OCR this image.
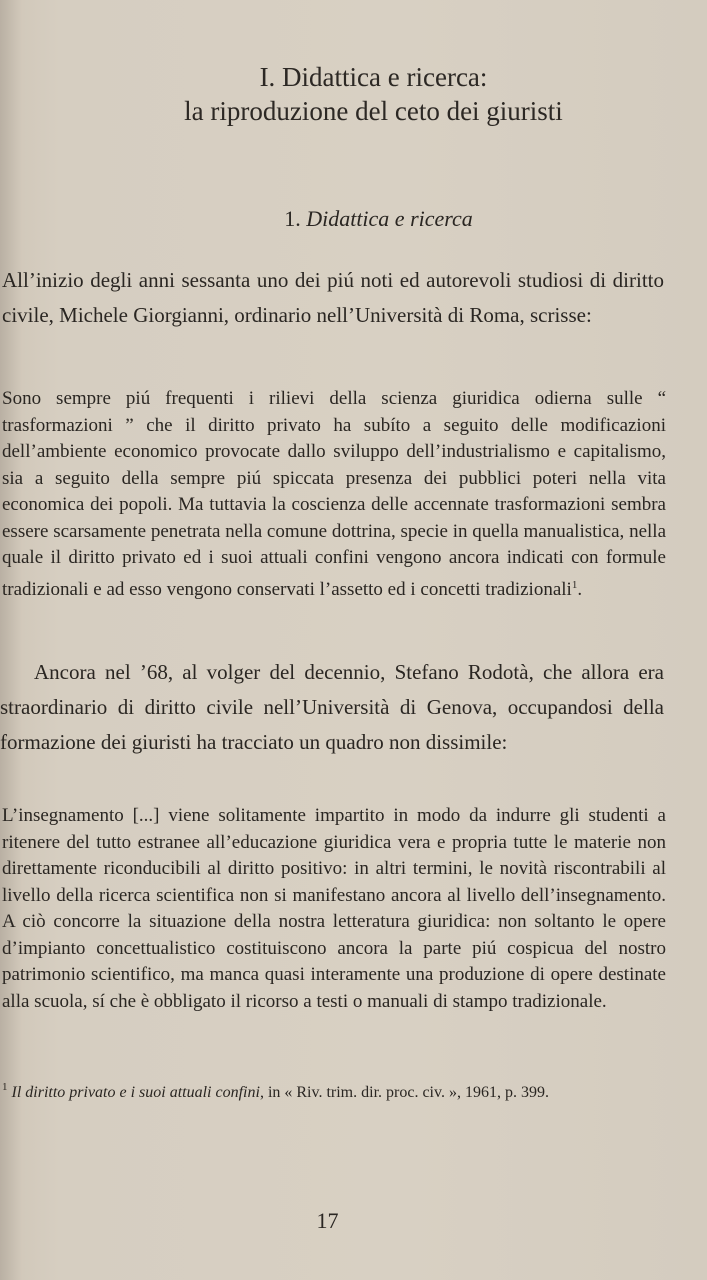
I. Didattica e ricerca:
la riproduzione del ceto dei giuristi
1. Didattica e ricerca

All’inizio degli anni sessanta uno dei piú noti ed autorevoli studiosi di diritto civile, Michele Giorgianni, ordinario nell’Università di Roma, scrisse:

Sono sempre piú frequenti i rilievi della scienza giuridica odierna sulle “ trasformazioni ” che il diritto privato ha subíto a seguito delle modificazioni dell’ambiente economico provocate dallo sviluppo dell’industrialismo e capitalismo, sia a seguito della sempre piú spiccata presenza dei pubblici poteri nella vita economica dei popoli. Ma tuttavia la coscienza delle accennate trasformazioni sembra essere scarsamente penetrata nella comune dottrina, specie in quella manualistica, nella quale il diritto privato ed i suoi attuali confini vengono ancora indicati con formule tradizionali e ad esso vengono conservati l’assetto ed i concetti tradizionali$^1$.

Ancora nel ’68, al volger del decennio, Stefano Rodotà, che allora era straordinario di diritto civile nell’Università di Genova, occupandosi della formazione dei giuristi ha tracciato un quadro non dissimile:

L’insegnamento [...] viene solitamente impartito in modo da indurre gli studenti a ritenere del tutto estranee all’educazione giuridica vera e propria tutte le materie non direttamente riconducibili al diritto positivo: in altri termini, le novità riscontrabili al livello della ricerca scientifica non si manifestano ancora al livello dell’insegnamento. A ciò concorre la situazione della nostra letteratura giuridica: non soltanto le opere d’impianto concettualistico costituiscono ancora la parte piú cospicua del nostro patrimonio scientifico, ma manca quasi interamente una produzione di opere destinate alla scuola, sí che è obbligato il ricorso a testi o manuali di stampo tradizionale.

$^1$ Il diritto privato e i suoi attuali confini, in « Riv. trim. dir. proc. civ. », 1961, p. 399.

17
